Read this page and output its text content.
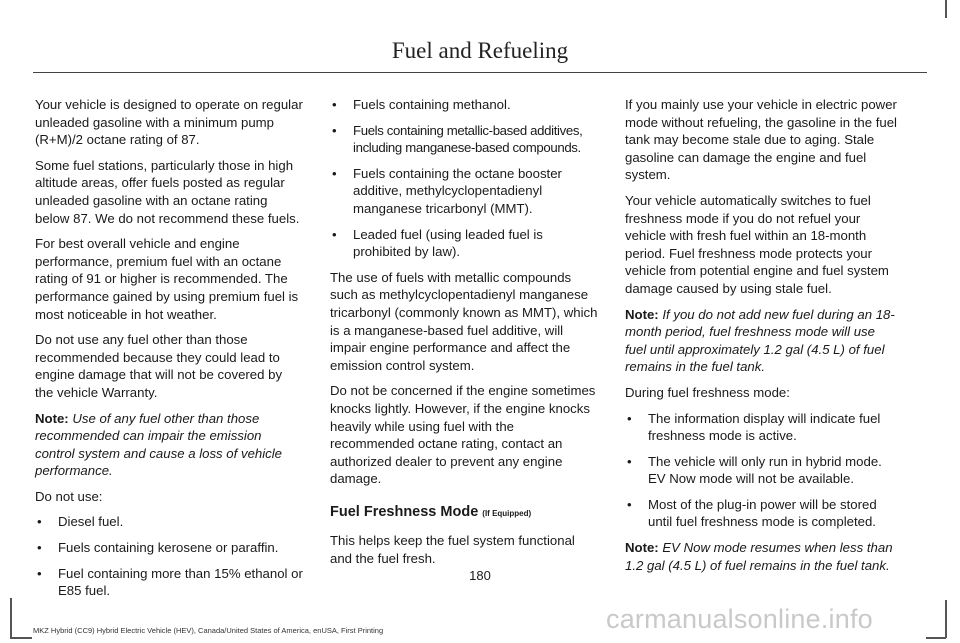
Fuel and Refueling

Your vehicle is designed to operate on regular unleaded gasoline with a minimum pump (R+M)/2 octane rating of 87.

Some fuel stations, particularly those in high altitude areas, offer fuels posted as regular unleaded gasoline with an octane rating below 87. We do not recommend these fuels.

For best overall vehicle and engine performance, premium fuel with an octane rating of 91 or higher is recommended. The performance gained by using premium fuel is most noticeable in hot weather.

Do not use any fuel other than those recommended because they could lead to engine damage that will not be covered by the vehicle Warranty.

Note: Use of any fuel other than those recommended can impair the emission control system and cause a loss of vehicle performance.

Do not use:

• Diesel fuel.
• Fuels containing kerosene or paraffin.
• Fuel containing more than 15% ethanol or E85 fuel.
• Fuels containing methanol.
• Fuels containing metallic-based additives, including manganese-based compounds.
• Fuels containing the octane booster additive, methylcyclopentadienyl manganese tricarbonyl (MMT).
• Leaded fuel (using leaded fuel is prohibited by law).

The use of fuels with metallic compounds such as methylcyclopentadienyl manganese tricarbonyl (commonly known as MMT), which is a manganese-based fuel additive, will impair engine performance and affect the emission control system.

Do not be concerned if the engine sometimes knocks lightly. However, if the engine knocks heavily while using fuel with the recommended octane rating, contact an authorized dealer to prevent any engine damage.

Fuel Freshness Mode (If Equipped)

This helps keep the fuel system functional and the fuel fresh.

If you mainly use your vehicle in electric power mode without refueling, the gasoline in the fuel tank may become stale due to aging. Stale gasoline can damage the engine and fuel system.

Your vehicle automatically switches to fuel freshness mode if you do not refuel your vehicle with fresh fuel within an 18-month period. Fuel freshness mode protects your vehicle from potential engine and fuel system damage caused by using stale fuel.

Note: If you do not add new fuel during an 18-month period, fuel freshness mode will use fuel until approximately 1.2 gal (4.5 L) of fuel remains in the fuel tank.

During fuel freshness mode:

• The information display will indicate fuel freshness mode is active.
• The vehicle will only run in hybrid mode. EV Now mode will not be available.
• Most of the plug-in power will be stored until fuel freshness mode is completed.

Note: EV Now mode resumes when less than 1.2 gal (4.5 L) of fuel remains in the fuel tank.

180
MKZ Hybrid (CC9) Hybrid Electric Vehicle (HEV), Canada/United States of America, enUSA, First Printing	carmanualsonline.info
